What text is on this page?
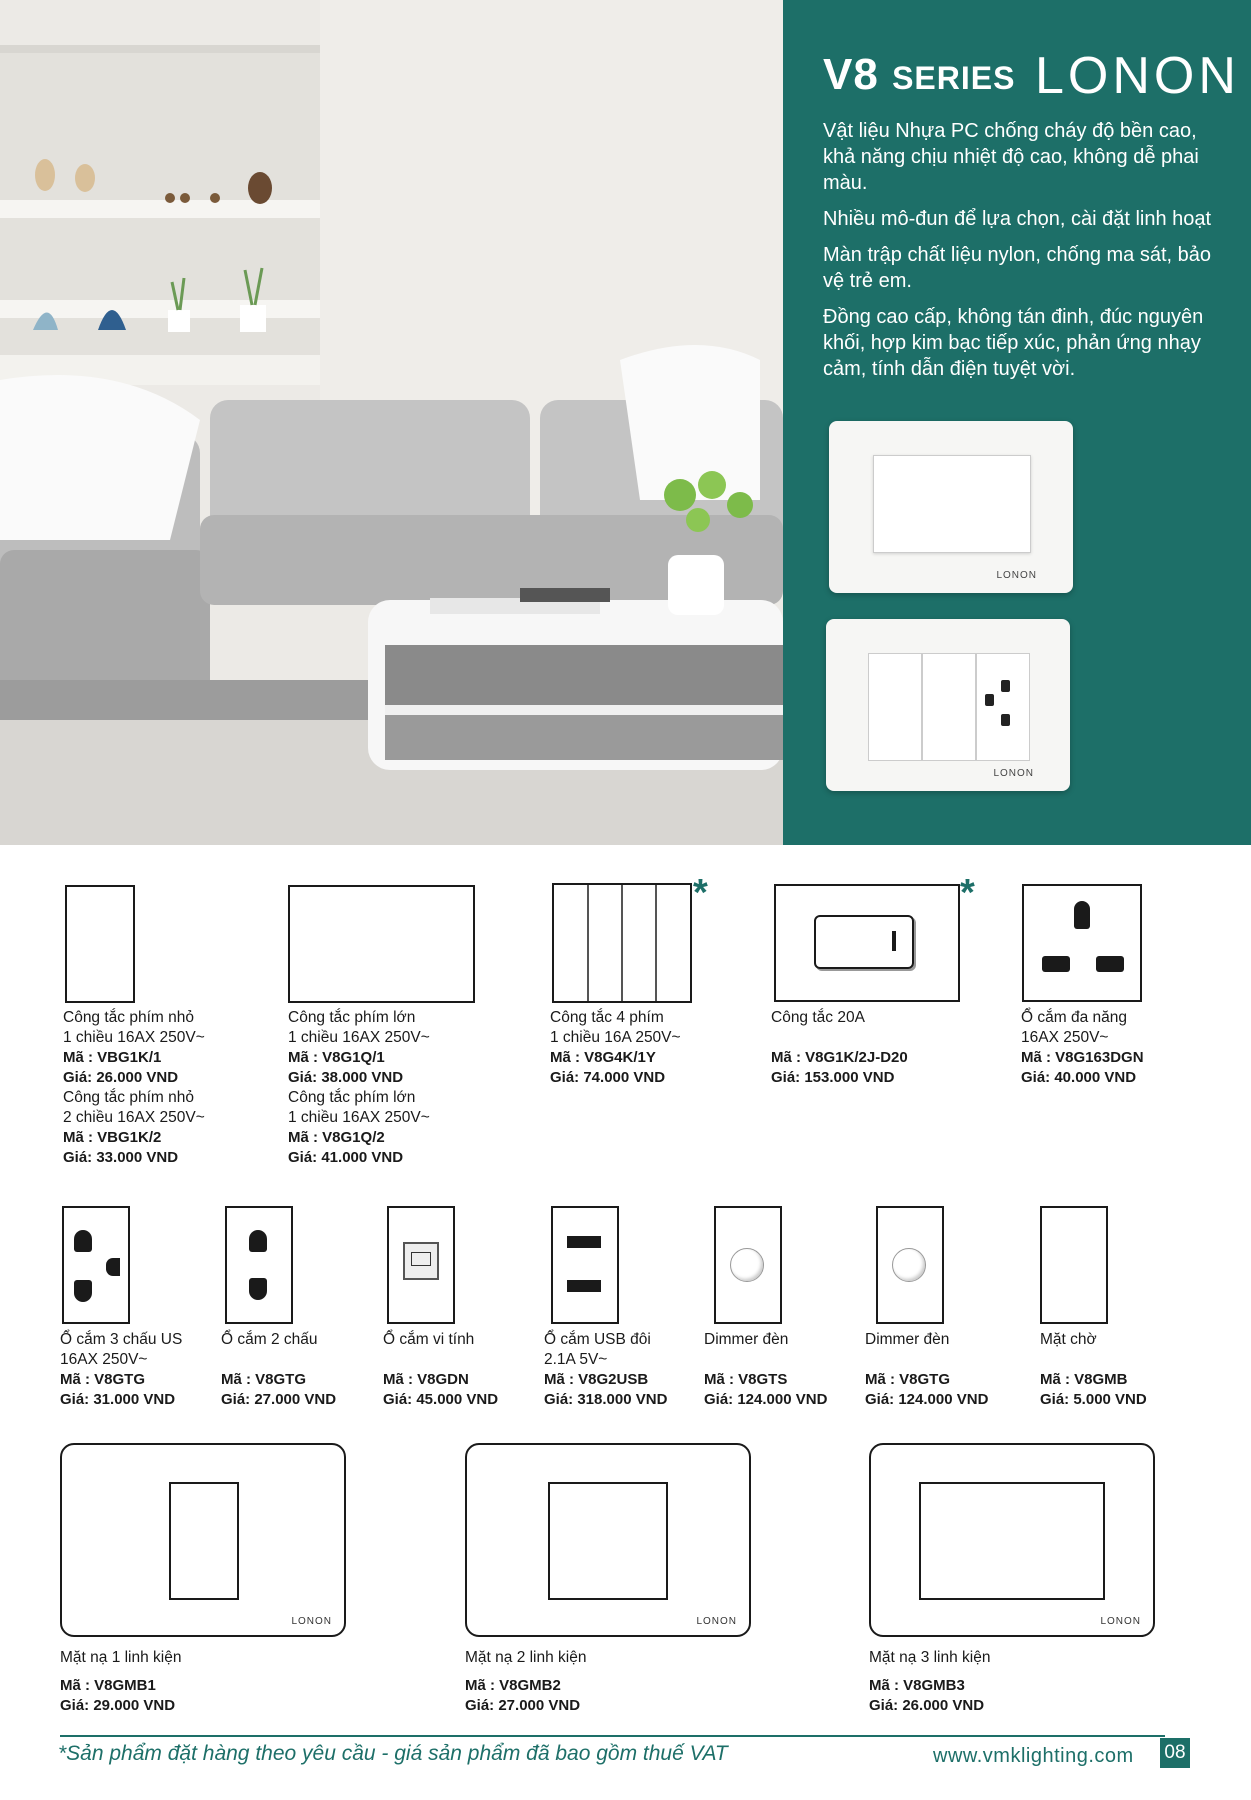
V8 SERIES LONON

Vật liệu Nhựa PC chống cháy độ bền cao, khả năng chịu nhiệt độ cao, không dễ phai màu.

Nhiều mô-đun để lựa chọn, cài đặt linh hoạt

Màn trập chất liệu nylon, chống ma sát, bảo vệ trẻ em.

Đồng cao cấp, không tán đinh, đúc nguyên khối, hợp kim bạc tiếp xúc, phản ứng nhạy cảm, tính dẫn điện tuyệt vời.

LONON
LONON
*	*
Công tắc phím nhỏ
1 chiều 16AX 250V~
Mã : VBG1K/1
Giá: 26.000 VND
Công tắc phím nhỏ
2 chiều 16AX 250V~
Mã : VBG1K/2
Giá: 33.000 VND
Công tắc phím lớn
1 chiều 16AX 250V~
Mã : V8G1Q/1
Giá: 38.000 VND
Công tắc phím lớn
1 chiều 16AX 250V~
Mã : V8G1Q/2
Giá: 41.000 VND
Công tắc 4 phím
1 chiều 16A 250V~
Mã : V8G4K/1Y
Giá: 74.000 VND
Công tắc 20A
Mã : V8G1K/2J-D20
Giá: 153.000 VND
Ổ cắm đa năng
16AX 250V~
Mã : V8G163DGN
Giá: 40.000 VND
Ổ cắm 3 chấu US
16AX 250V~
Mã : V8GTG
Giá: 31.000 VND
Ổ cắm 2 chấu
Mã : V8GTG
Giá: 27.000 VND
Ổ cắm vi tính
Mã : V8GDN
Giá: 45.000 VND
Ổ cắm USB đôi
2.1A 5V~
Mã : V8G2USB
Giá: 318.000 VND
Dimmer đèn
Mã : V8GTS
Giá: 124.000 VND
Dimmer đèn
Mã : V8GTG
Giá: 124.000 VND
Mặt chờ
Mã : V8GMB
Giá: 5.000 VND
LONON	LONON	LONON
Mặt nạ 1 linh kiện
Mã : V8GMB1
Giá: 29.000 VND
Mặt nạ 2 linh kiện
Mã : V8GMB2
Giá: 27.000 VND
Mặt nạ 3 linh kiện
Mã : V8GMB3
Giá: 26.000 VND
*Sản phẩm đặt hàng theo yêu cầu - giá sản phẩm đã bao gồm thuế VAT	www.vmklighting.com 08
